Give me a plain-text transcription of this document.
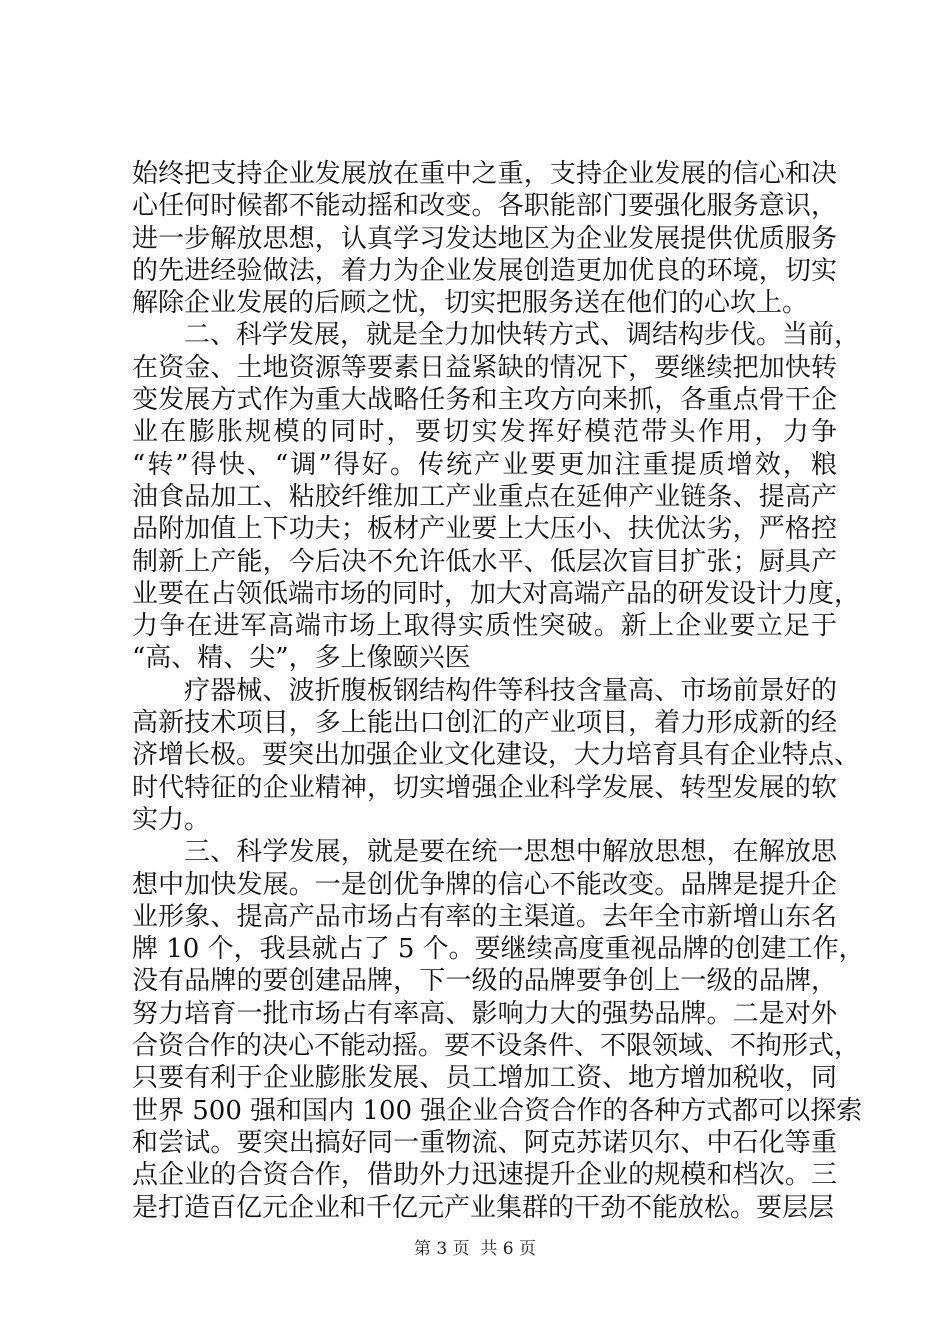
始终把支持企业发展放在重中之重，支持企业发展的信心和决
心任何时候都不能动摇和改变。各职能部门要强化服务意识，
进一步解放思想，认真学习发达地区为企业发展提供优质服务
的先进经验做法，着力为企业发展创造更加优良的环境，切实
解除企业发展的后顾之忧，切实把服务送在他们的心坎上。
二、科学发展，就是全力加快转方式、调结构步伐。当前，
在资金、土地资源等要素日益紧缺的情况下，要继续把加快转
变发展方式作为重大战略任务和主攻方向来抓，各重点骨干企
业在膨胀规模的同时，要切实发挥好模范带头作用，力争
“转”得快、“调”得好。传统产业要更加注重提质增效，粮
油食品加工、粘胶纤维加工产业重点在延伸产业链条、提高产
品附加值上下功夫；板材产业要上大压小、扶优汰劣，严格控
制新上产能，今后决不允许低水平、低层次盲目扩张；厨具产
业要在占领低端市场的同时，加大对高端产品的研发设计力度，
力争在进军高端市场上取得实质性突破。新上企业要立足于
“高、精、尖”，多上像颐兴医
疗器械、波折腹板钢结构件等科技含量高、市场前景好的
高新技术项目，多上能出口创汇的产业项目，着力形成新的经
济增长极。要突出加强企业文化建设，大力培育具有企业特点、
时代特征的企业精神，切实增强企业科学发展、转型发展的软
实力。
三、科学发展，就是要在统一思想中解放思想，在解放思
想中加快发展。一是创优争牌的信心不能改变。品牌是提升企
业形象、提高产品市场占有率的主渠道。去年全市新增山东名
牌 10 个，我县就占了 5 个。要继续高度重视品牌的创建工作，
没有品牌的要创建品牌，下一级的品牌要争创上一级的品牌，
努力培育一批市场占有率高、影响力大的强势品牌。二是对外
合资合作的决心不能动摇。要不设条件、不限领域、不拘形式，
只要有利于企业膨胀发展、员工增加工资、地方增加税收，同
世界 500 强和国内 100 强企业合资合作的各种方式都可以探索
和尝试。要突出搞好同一重物流、阿克苏诺贝尔、中石化等重
点企业的合资合作，借助外力迅速提升企业的规模和档次。三
是打造百亿元企业和千亿元产业集群的干劲不能放松。要层层
第 3 页  共 6 页
